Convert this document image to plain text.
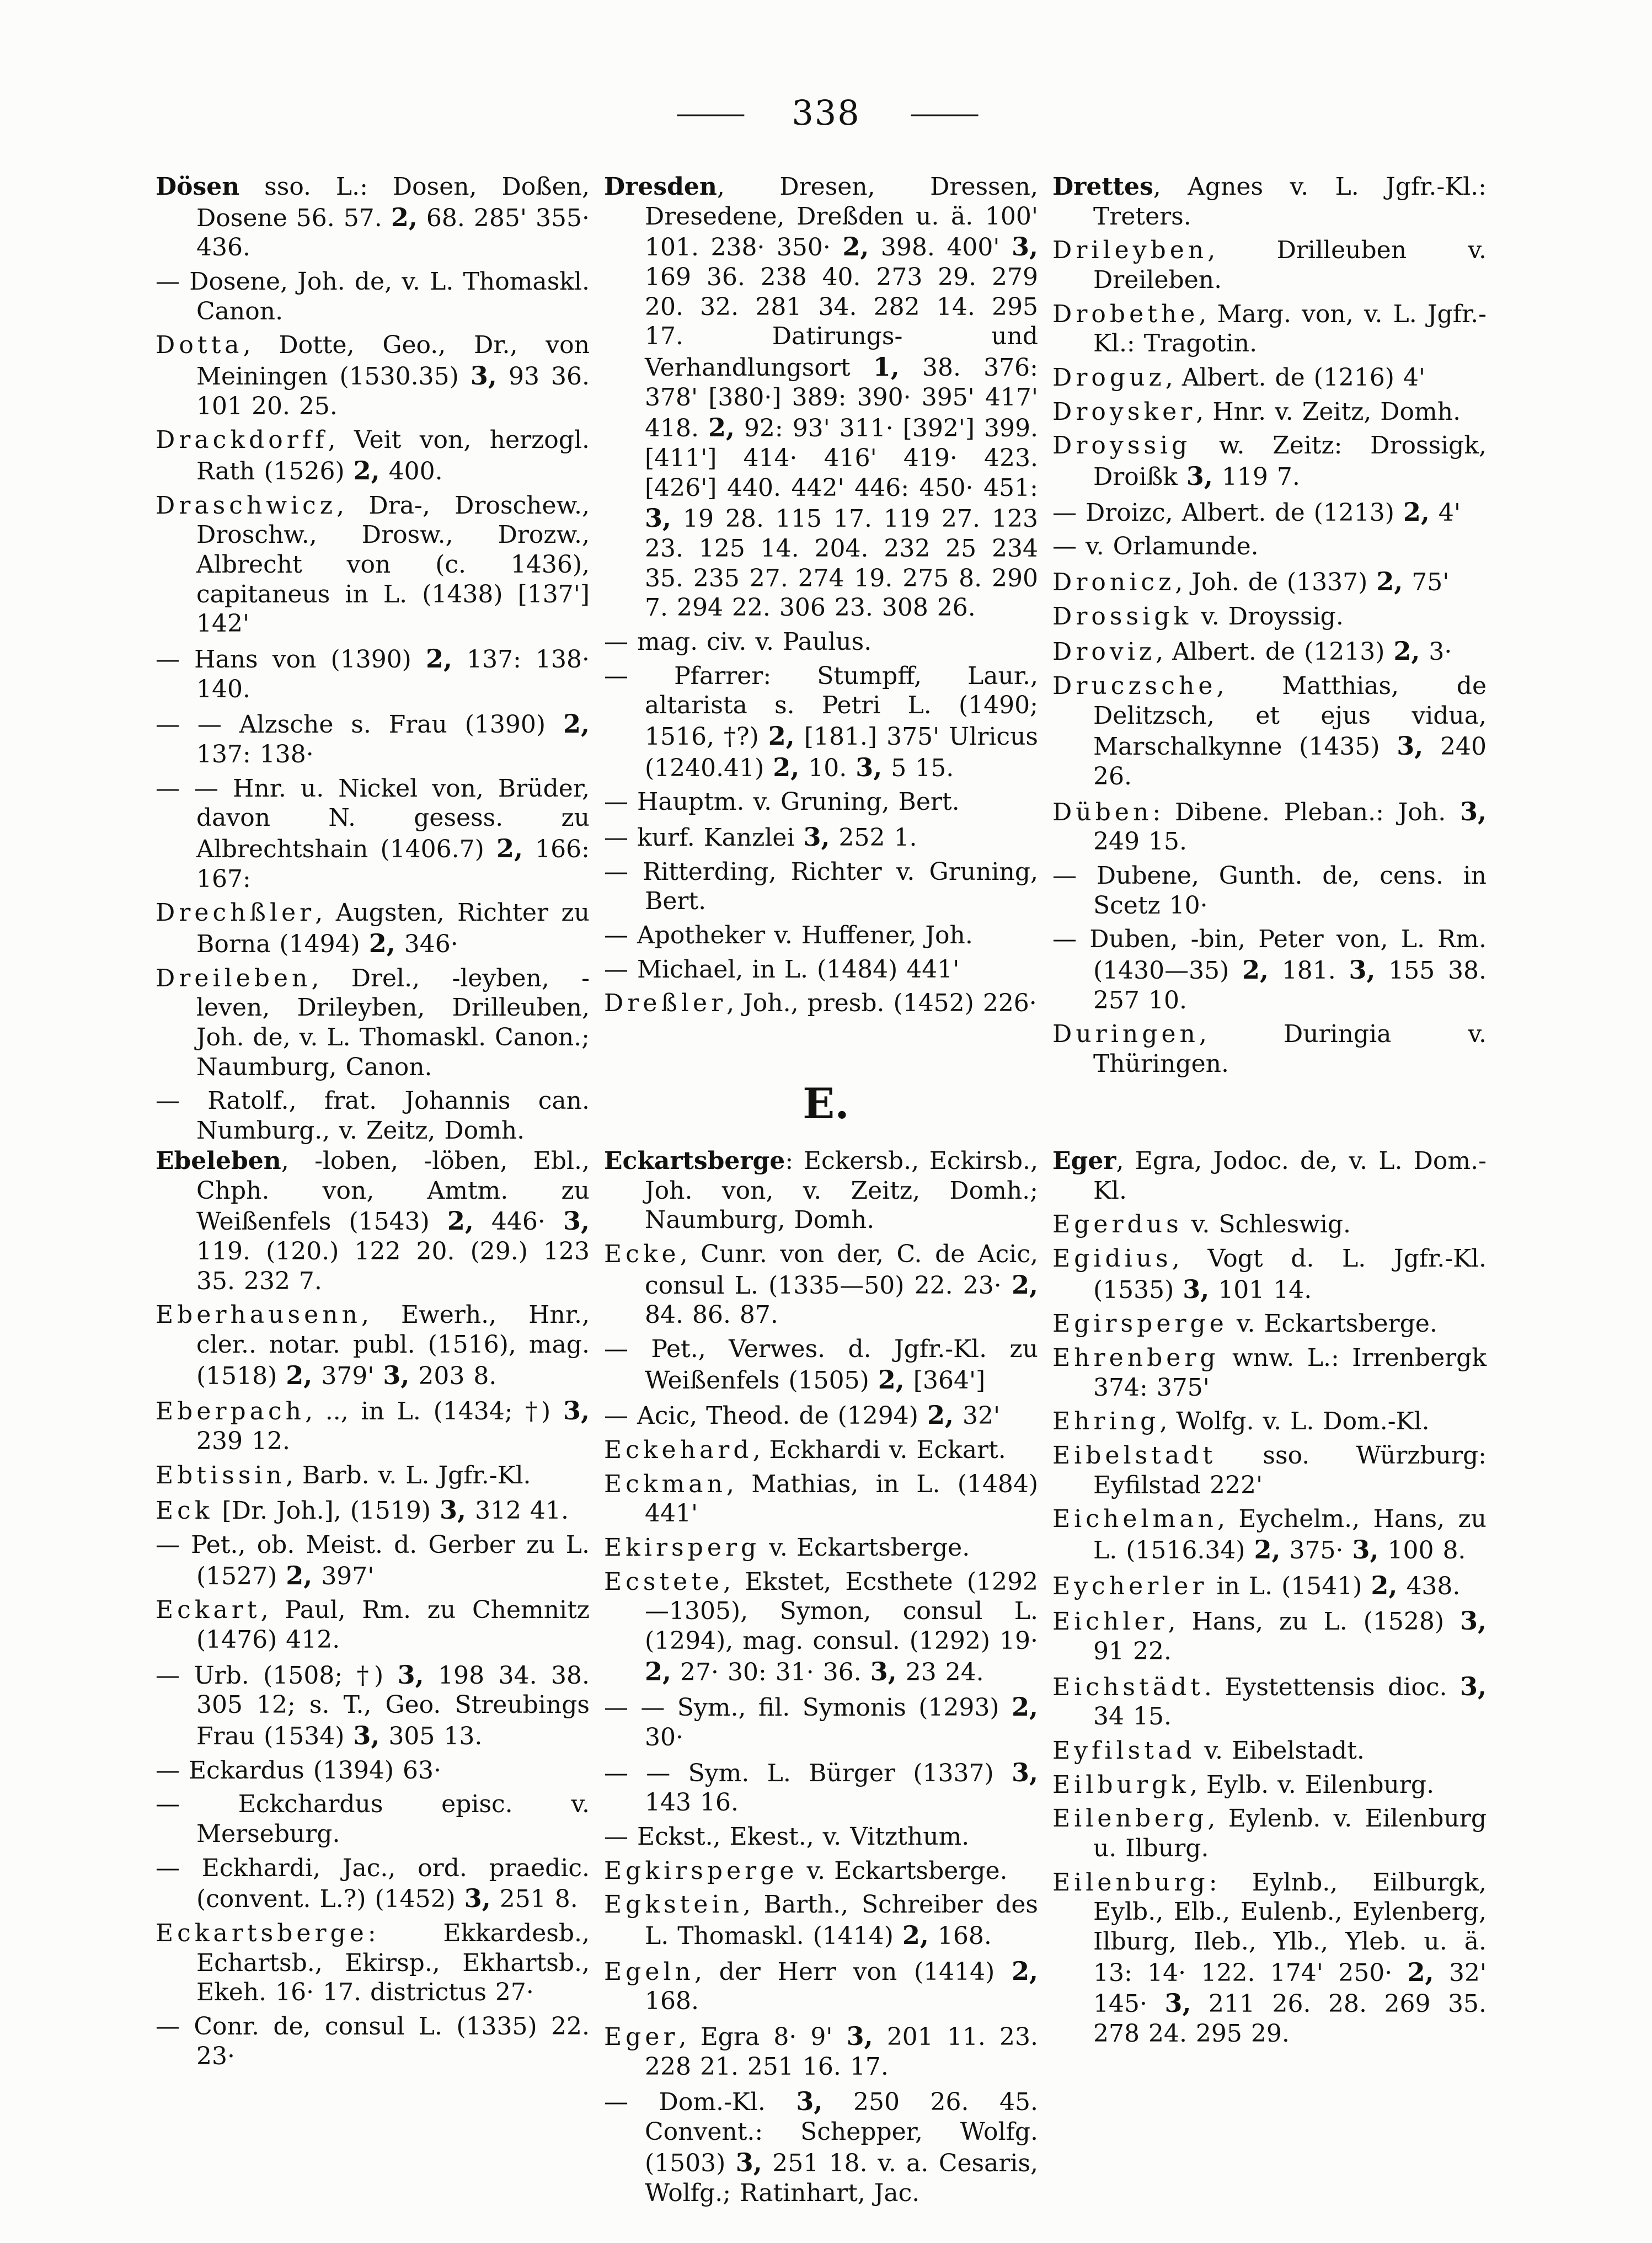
——— 338 ———

Dösen sso. L.: Dosen, Doßen, Dosene 56. 57. 2, 68. 285' 355· 436.

— Dosene, Joh. de, v. L. Thomaskl. Canon.

Dotta, Dotte, Geo., Dr., von Meiningen (1530.35) 3, 93 36. 101 20. 25.

Drackdorff, Veit von, herzogl. Rath (1526) 2, 400.

Draschwicz, Dra-, Droschew., Droschw., Drosw., Drozw., Albrecht von (c. 1436), capitaneus in L. (1438) [137'] 142'

— Hans von (1390) 2, 137: 138· 140.

— — Alzsche s. Frau (1390) 2, 137: 138·

— — Hnr. u. Nickel von, Brüder, davon N. gesess. zu Albrechtshain (1406.7) 2, 166: 167:

Drechßler, Augsten, Richter zu Borna (1494) 2, 346·

Dreileben, Drel., -leyben, -leven, Drileyben, Drilleuben, Joh. de, v. L. Thomaskl. Canon.; Naumburg, Canon.

— Ratolf., frat. Johannis can. Numburg., v. Zeitz, Domh.

Dresden, Dresen, Dressen, Dresedene, Dreßden u. ä. 100' 101. 238· 350· 2, 398. 400' 3, 169 36. 238 40. 273 29. 279 20. 32. 281 34. 282 14. 295 17. Datirungs- und Verhandlungsort 1, 38. 376: 378' [380·] 389: 390· 395' 417' 418. 2, 92: 93' 311· [392'] 399. [411'] 414· 416' 419· 423. [426'] 440. 442' 446: 450· 451: 3, 19 28. 115 17. 119 27. 123 23. 125 14. 204. 232 25 234 35. 235 27. 274 19. 275 8. 290 7. 294 22. 306 23. 308 26.

— mag. civ. v. Paulus.

— Pfarrer: Stumpff, Laur., altarista s. Petri L. (1490; 1516, †?) 2, [181.] 375' Ulricus (1240.41) 2, 10. 3, 5 15.

— Hauptm. v. Gruning, Bert.

— kurf. Kanzlei 3, 252 1.

— Ritterding, Richter v. Gruning, Bert.

— Apotheker v. Huffener, Joh.

— Michael, in L. (1484) 441'

Dreßler, Joh., presb. (1452) 226·

Drettes, Agnes v. L. Jgfr.-Kl.: Treters.

Drileyben, Drilleuben v. Dreileben.

Drobethe, Marg. von, v. L. Jgfr.-Kl.: Tragotin.

Droguz, Albert. de (1216) 4'

Droysker, Hnr. v. Zeitz, Domh.

Droyssig w. Zeitz: Drossigk, Droißk 3, 119 7.

— Droizc, Albert. de (1213) 2, 4'

— v. Orlamunde.

Dronicz, Joh. de (1337) 2, 75'

Drossigk v. Droyssig.

Droviz, Albert. de (1213) 2, 3·

Druczsche, Matthias, de Delitzsch, et ejus vidua, Marschalkynne (1435) 3, 240 26.

Düben: Dibene. Pleban.: Joh. 3, 249 15.

— Dubene, Gunth. de, cens. in Scetz 10·

— Duben, -bin, Peter von, L. Rm. (1430—35) 2, 181. 3, 155 38. 257 10.

Duringen, Duringia v. Thüringen.

E.

Ebeleben, -loben, -löben, Ebl., Chph. von, Amtm. zu Weißenfels (1543) 2, 446· 3, 119. (120.) 122 20. (29.) 123 35. 232 7.

Eberhausenn, Ewerh., Hnr., cler.. notar. publ. (1516), mag. (1518) 2, 379' 3, 203 8.

Eberpach, .., in L. (1434; †) 3, 239 12.

Ebtissin, Barb. v. L. Jgfr.-Kl.

Eck [Dr. Joh.], (1519) 3, 312 41.

— Pet., ob. Meist. d. Gerber zu L. (1527) 2, 397'

Eckart, Paul, Rm. zu Chemnitz (1476) 412.

— Urb. (1508; †) 3, 198 34. 38. 305 12; s. T., Geo. Streubings Frau (1534) 3, 305 13.

— Eckardus (1394) 63·

— Eckchardus episc. v. Merseburg.

— Eckhardi, Jac., ord. praedic. (convent. L.?) (1452) 3, 251 8.

Eckartsberge: Ekkardesb., Echartsb., Ekirsp., Ekhartsb., Ekeh. 16· 17. districtus 27·

— Conr. de, consul L. (1335) 22. 23·

Eckartsberge: Eckersb., Eckirsb., Joh. von, v. Zeitz, Domh.; Naumburg, Domh.

Ecke, Cunr. von der, C. de Acic, consul L. (1335—50) 22. 23· 2, 84. 86. 87.

— Pet., Verwes. d. Jgfr.-Kl. zu Weißenfels (1505) 2, [364']

— Acic, Theod. de (1294) 2, 32'

Eckehard, Eckhardi v. Eckart.

Eckman, Mathias, in L. (1484) 441'

Ekirsperg v. Eckartsberge.

Ecstete, Ekstet, Ecsthete (1292—1305), Symon, consul L. (1294), mag. consul. (1292) 19· 2, 27· 30: 31· 36. 3, 23 24.

— — Sym., fil. Symonis (1293) 2, 30·

— — Sym. L. Bürger (1337) 3, 143 16.

— Eckst., Ekest., v. Vitzthum.

Egkirsperge v. Eckartsberge.

Egkstein, Barth., Schreiber des L. Thomaskl. (1414) 2, 168.

Egeln, der Herr von (1414) 2, 168.

Eger, Egra 8· 9' 3, 201 11. 23. 228 21. 251 16. 17.

— Dom.-Kl. 3, 250 26. 45. Convent.: Schepper, Wolfg. (1503) 3, 251 18. v. a. Cesaris, Wolfg.; Ratinhart, Jac.

Eger, Egra, Jodoc. de, v. L. Dom.-Kl.

Egerdus v. Schleswig.

Egidius, Vogt d. L. Jgfr.-Kl. (1535) 3, 101 14.

Egirsperge v. Eckartsberge.

Ehrenberg wnw. L.: Irrenbergk 374: 375'

Ehring, Wolfg. v. L. Dom.-Kl.

Eibelstadt sso. Würzburg: Eyfilstad 222'

Eichelman, Eychelm., Hans, zu L. (1516.34) 2, 375· 3, 100 8.

Eycherler in L. (1541) 2, 438.

Eichler, Hans, zu L. (1528) 3, 91 22.

Eichstädt. Eystettensis dioc. 3, 34 15.

Eyfilstad v. Eibelstadt.

Eilburgk, Eylb. v. Eilenburg.

Eilenberg, Eylenb. v. Eilenburg u. Ilburg.

Eilenburg: Eylnb., Eilburgk, Eylb., Elb., Eulenb., Eylenberg, Ilburg, Ileb., Ylb., Yleb. u. ä. 13: 14· 122. 174' 250· 2, 32' 145· 3, 211 26. 28. 269 35. 278 24. 295 29.
